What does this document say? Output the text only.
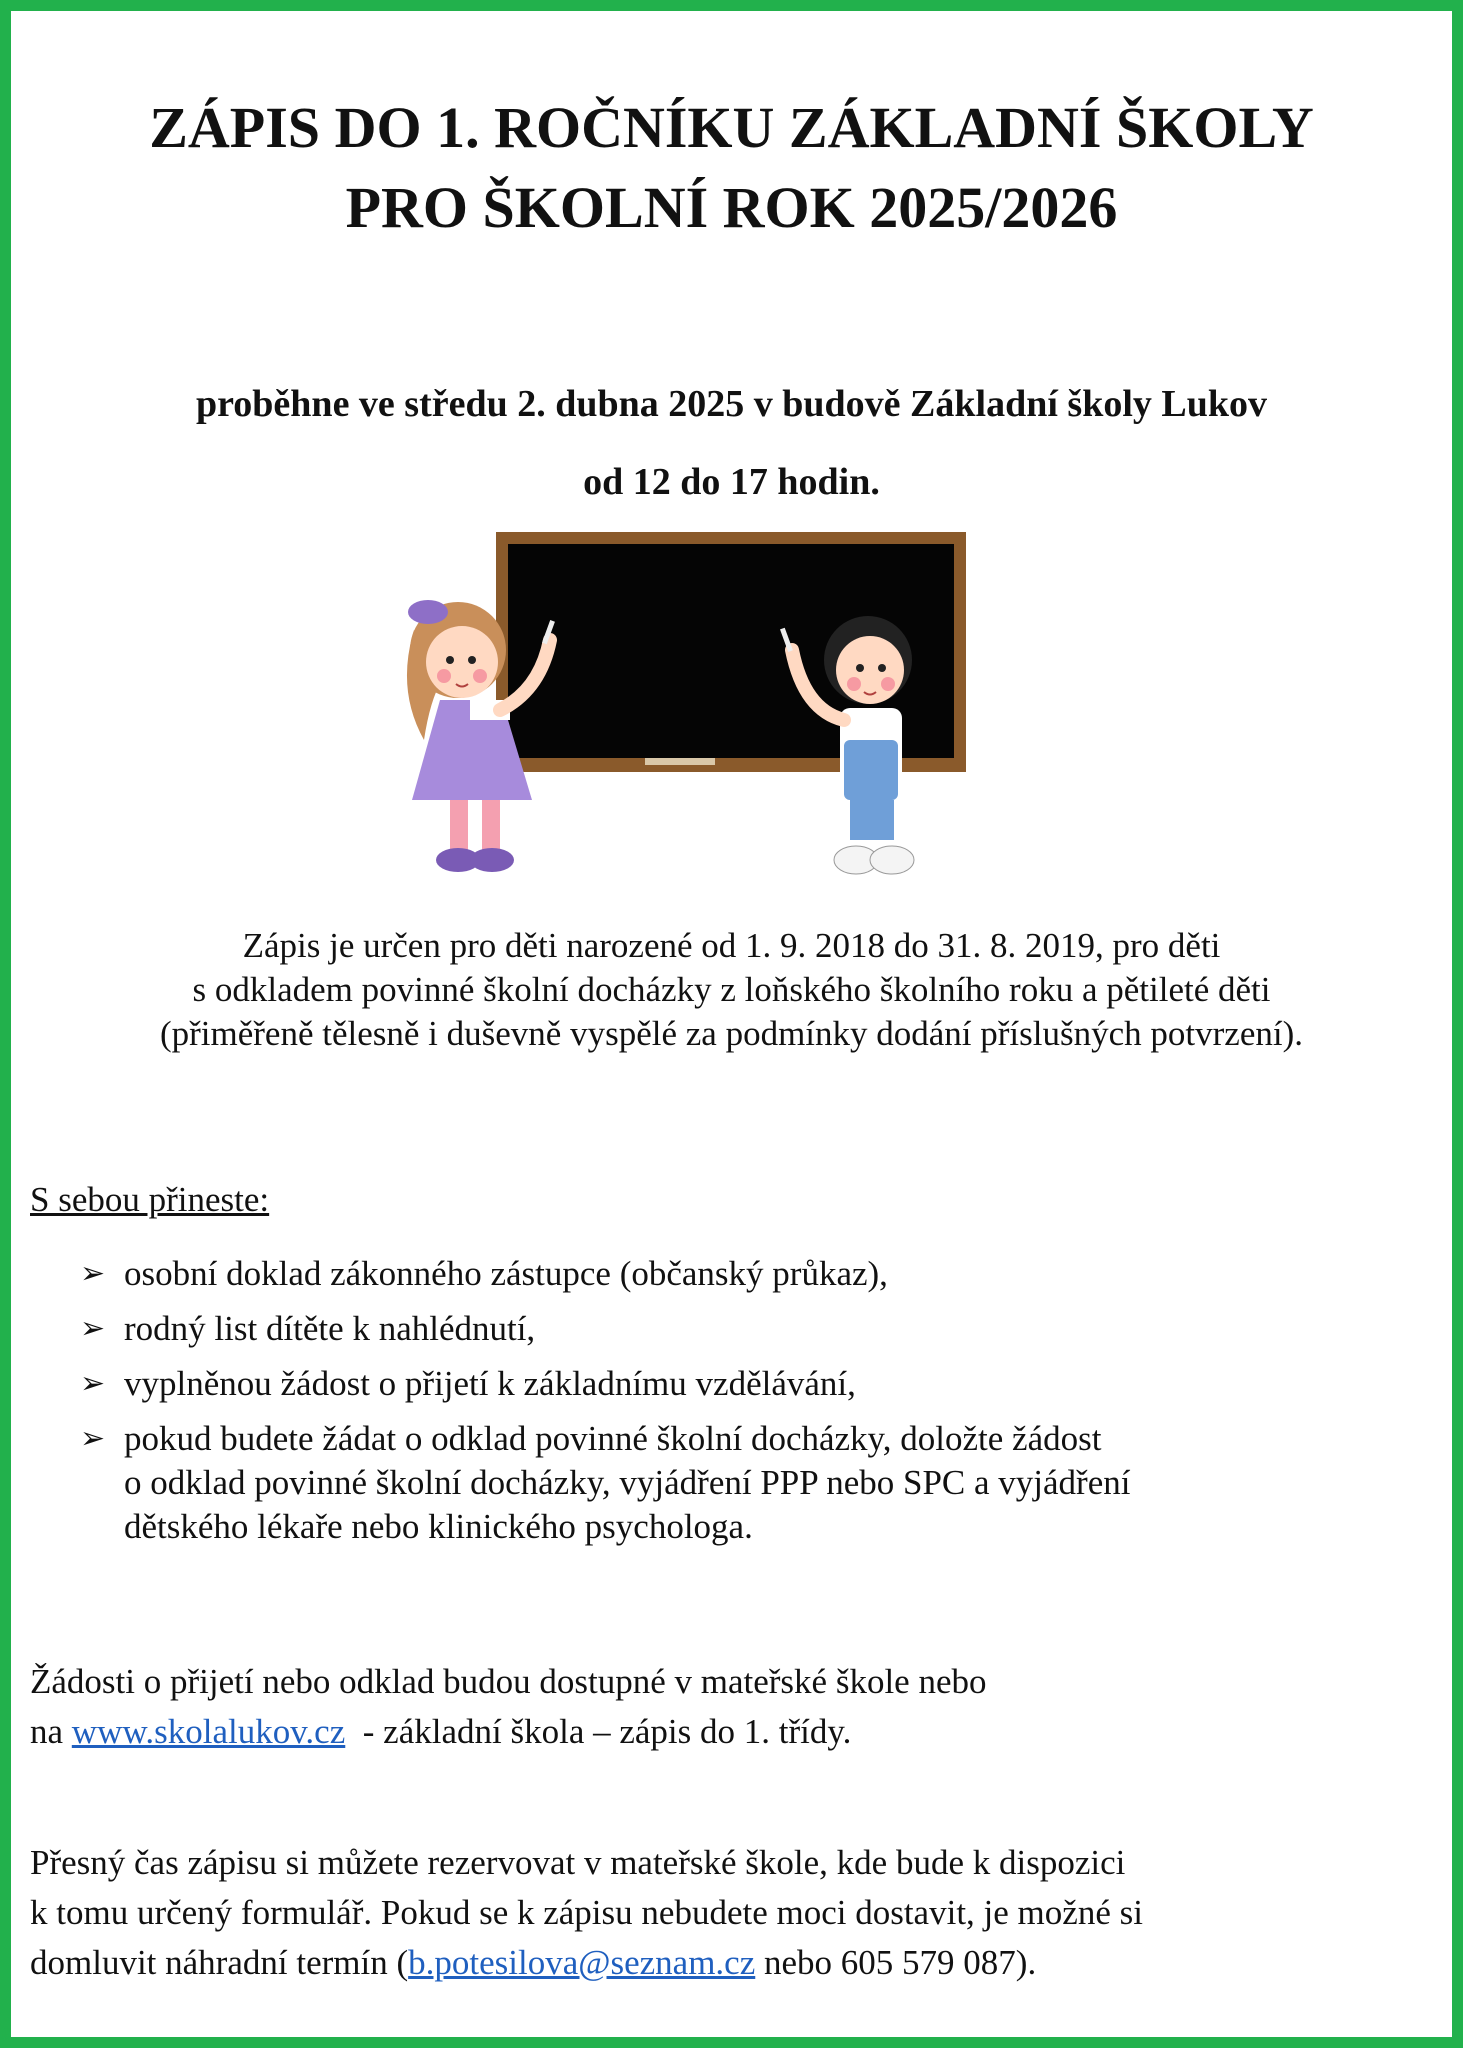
ZÁPIS DO 1. ROČNÍKU ZÁKLADNÍ ŠKOLY
PRO ŠKOLNÍ ROK 2025/2026
proběhne ve středu 2. dubna 2025 v budově Základní školy Lukov
od 12 do 17 hodin.
Zápis je určen pro děti narozené od 1. 9. 2018 do 31. 8. 2019, pro děti
s odkladem povinné školní docházky z loňského školního roku a pětileté děti
(přiměřeně tělesně i duševně vyspělé za podmínky dodání příslušných potvrzení).
S sebou přineste:
➢ osobní doklad zákonného zástupce (občanský průkaz),
➢ rodný list dítěte k nahlédnutí,
➢ vyplněnou žádost o přijetí k základnímu vzdělávání,
➢ pokud budete žádat o odklad povinné školní docházky, doložte žádost
o odklad povinné školní docházky, vyjádření PPP nebo SPC a vyjádření
dětského lékaře nebo klinického psychologa.
Žádosti o přijetí nebo odklad budou dostupné v mateřské škole nebo
na www.skolalukov.cz  - základní škola – zápis do 1. třídy.
Přesný čas zápisu si můžete rezervovat v mateřské škole, kde bude k dispozici
k tomu určený formulář. Pokud se k zápisu nebudete moci dostavit, je možné si
domluvit náhradní termín (b.potesilova@seznam.cz nebo 605 579 087).
